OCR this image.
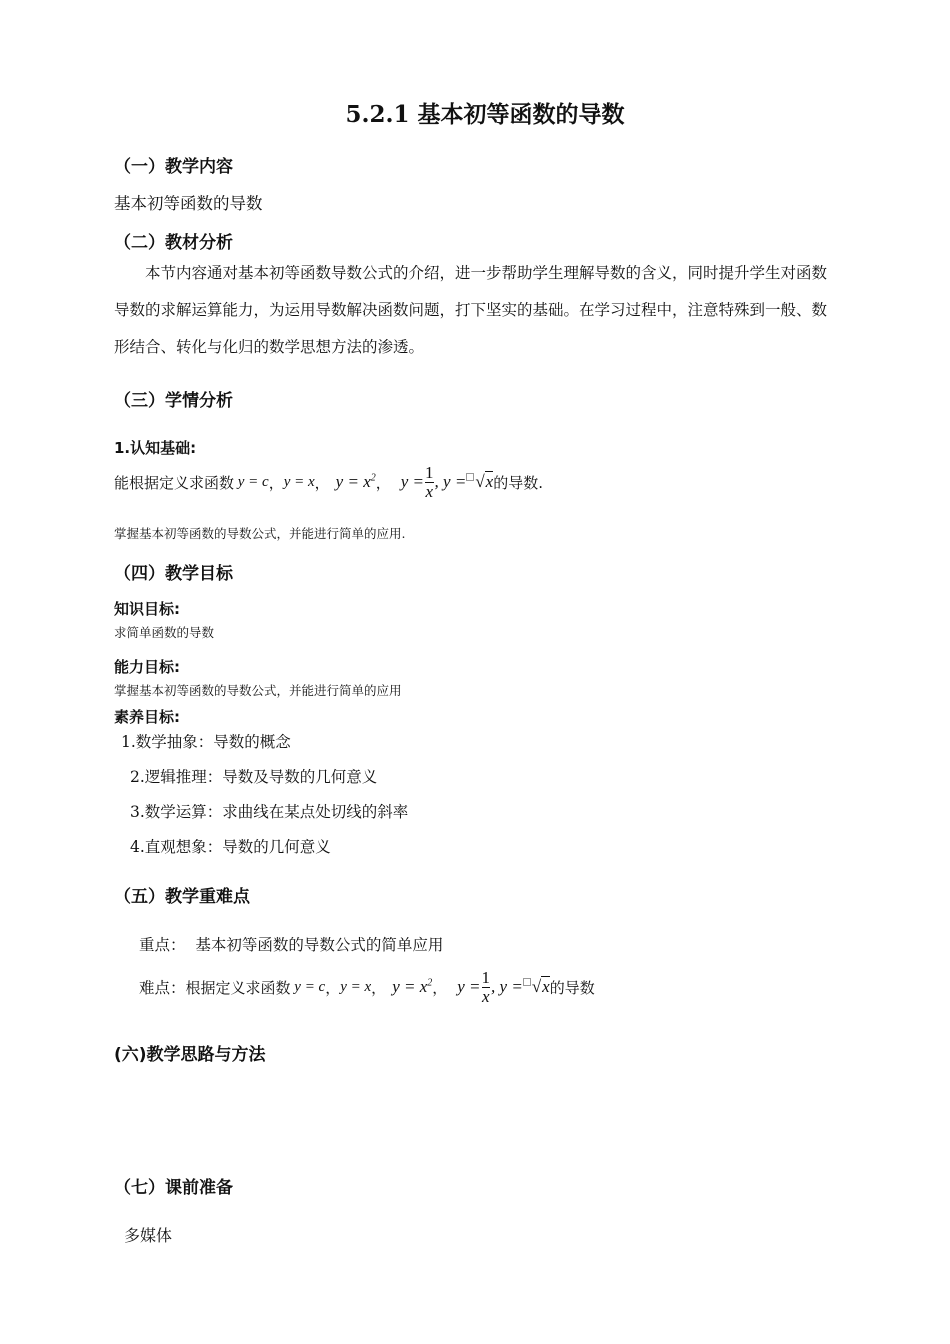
5.2.1 基本初等函数的导数
（一）教学内容
基本初等函数的导数
（二）教材分析
本节内容通对基本初等函数导数公式的介绍，进一步帮助学生理解导数的含义，同时提升学生对函数导数的求解运算能力，为运用导数解决函数问题，打下坚实的基础。在学习过程中，注意特殊到一般、数形结合、转化与化归的数学思想方法的渗透。
（三）学情分析
1.认知基础:
能根据定义求函数 y = c ， y = x ， $y = x^2$ ， $y = \frac{1}{x}$ , y = √x 的导数.
掌握基本初等函数的导数公式，并能进行简单的应用.
（四）教学目标
知识目标:
求简单函数的导数
能力目标:
掌握基本初等函数的导数公式，并能进行简单的应用
素养目标:
1.数学抽象：导数的概念
2.逻辑推理：导数及导数的几何意义
3.数学运算：求曲线在某点处切线的斜率
4.直观想象：导数的几何意义
（五）教学重难点
重点： 基本初等函数的导数公式的简单应用
难点： 根据定义求函数 y = c ， y = x ， $y = x^2$ ， $y = \frac{1}{x}$ , y = √x 的导数
(六)教学思路与方法
（七）课前准备
多媒体
